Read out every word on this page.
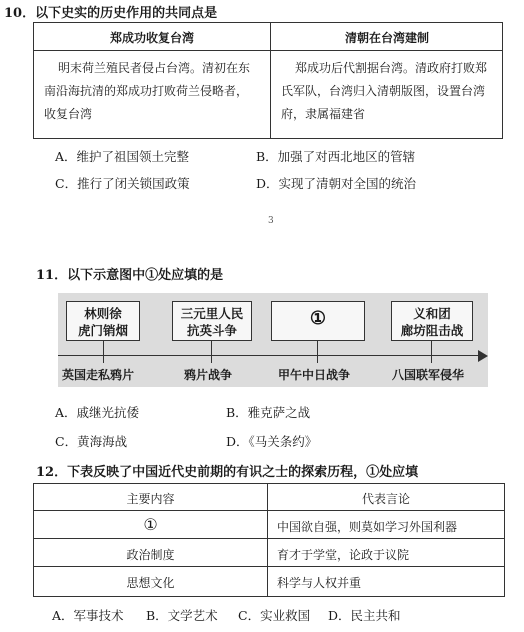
10．以下史实的历史作用的共同点是
郑成功收复台湾	清朝在台湾建制
明末荷兰殖民者侵占台湾。清初在东
南沿海抗清的郑成功打败荷兰侵略者，
收复台湾
郑成功后代割据台湾。清政府打败郑
氏军队，台湾归入清朝版图，设置台湾
府，隶属福建省
A．维护了祖国领土完整	B．加强了对西北地区的管辖
C．推行了闭关锁国政策	D．实现了清朝对全国的统治
3
11．以下示意图中①处应填的是
林则徐
虎门销烟
三元里人民
抗英斗争
①	义和团
廊坊阻击战
英国走私鸦片	鸦片战争	甲午中日战争	八国联军侵华
A．戚继光抗倭	B．雅克萨之战
C．黄海海战	D．《马关条约》
12．下表反映了中国近代史前期的有识之士的探索历程，①处应填
主要内容	代表言论
①	中国欲自强，则莫如学习外国利器
政治制度	育才于学堂，论政于议院
思想文化	科学与人权并重
A．军事技术 B．文学艺术 C．实业救国 D．民主共和
